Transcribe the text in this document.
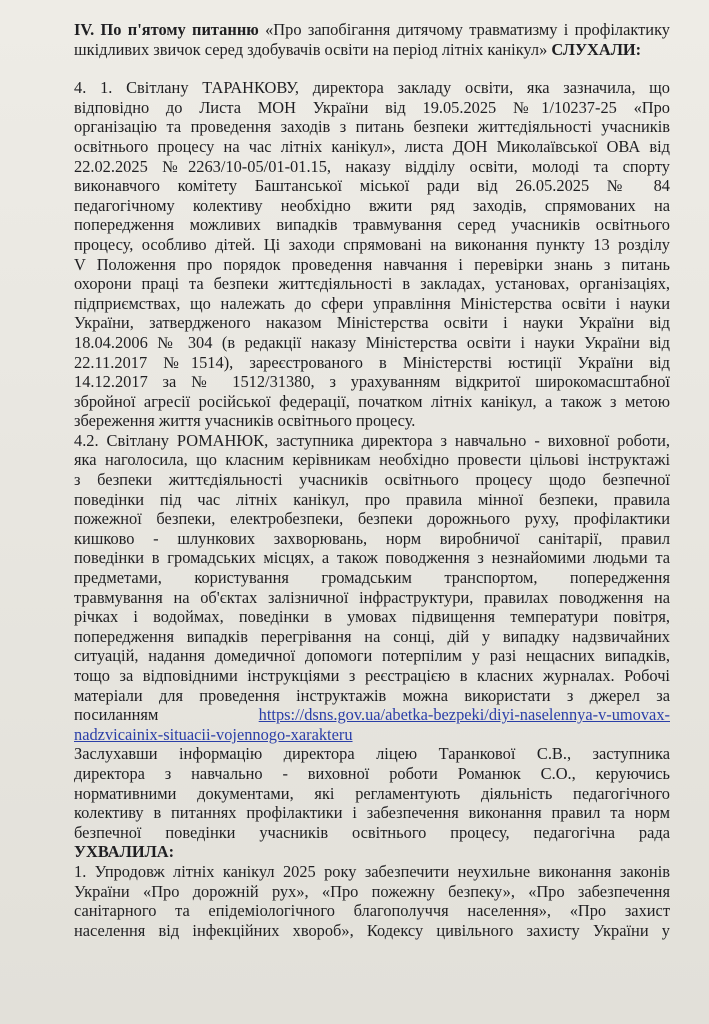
IV. По п'ятому питанню «Про запобігання дитячому травматизму і профілактику шкідливих звичок серед здобувачів освіти на період літніх канікул» СЛУХАЛИ:

4. 1. Світлану ТАРАНКОВУ, директора закладу освіти, яка зазначила, що
відповідно до Листа МОН України від 19.05.2025 №1/10237-25 «Про
організацію та проведення заходів з питань безпеки життєдіяльності учасників
освітнього процесу на час літніх канікул», листа ДОН Миколаївської ОВА від
22.02.2025 №2263/10-05/01-01.15, наказу відділу освіти, молоді та спорту
виконавчого комітету Баштанської міської ради від 26.05.2025 № 84
педагогічному колективу необхідно вжити ряд заходів, спрямованих на
попередження можливих випадків травмування серед учасників освітнього
процесу, особливо дітей. Ці заходи спрямовані на виконання пункту 13 розділу
V Положення про порядок проведення навчання і перевірки знань з питань
охорони праці та безпеки життєдіяльності в закладах, установах, організаціях,
підприємствах, що належать до сфери управління Міністерства освіти і науки
України, затвердженого наказом Міністерства освіти і науки України від
18.04.2006 № 304 (в редакції наказу Міністерства освіти і науки України від
22.11.2017 №1514), зареєстрованого в Міністерстві юстиції України від
14.12.2017 за № 1512/31380, з урахуванням відкритої широкомасштабної
збройної агресії російської федерації, початком літніх канікул, а також з метою
збереження життя учасників освітнього процесу.
4.2. Світлану РОМАНЮК, заступника директора з навчально - виховної роботи,
яка наголосила, що класним керівникам необхідно провести цільові інструктажі
з безпеки життєдіяльності учасників освітнього процесу щодо безпечної
поведінки під час літніх канікул, про правила мінної безпеки, правила
пожежної безпеки, електробезпеки, безпеки дорожнього руху, профілактики
кишково - шлункових захворювань, норм виробничої санітарії, правил
поведінки в громадських місцях, а також поводження з незнайомими людьми та
предметами, користування громадським транспортом, попередження
травмування на об'єктах залізничної інфраструктури, правилах поводження на
річках і водоймах, поведінки в умовах підвищення температури повітря,
попередження випадків перегрівання на сонці, дій у випадку надзвичайних
ситуацій, надання домедичної допомоги потерпілим у разі нещасних випадків,
тощо за відповідними інструкціями з реєстрацією в класних журналах. Робочі
матеріали для проведення інструктажів можна використати з джерел за
посиланням	https://dsns.gov.ua/abetka-bezpeki/diyi-naselennya-v-umovax-
nadzvicainix-situacii-vojennogo-xarakteru
Заслухавши інформацію директора ліцею Таранкової С.В., заступника
директора з навчально - виховної роботи Романюк С.О., керуючись
нормативними документами, які регламентують діяльність педагогічного
колективу в питаннях профілактики і забезпечення виконання правил та норм
безпечної поведінки учасників освітнього процесу, педагогічна рада
УХВАЛИЛА:
1. Упродовж літніх канікул 2025 року забезпечити неухильне виконання законів
України «Про дорожній рух», «Про пожежну безпеку», «Про забезпечення
санітарного та епідеміологічного благополуччя населення», «Про захист
населення від інфекційних хвороб», Кодексу цивільного захисту України у
